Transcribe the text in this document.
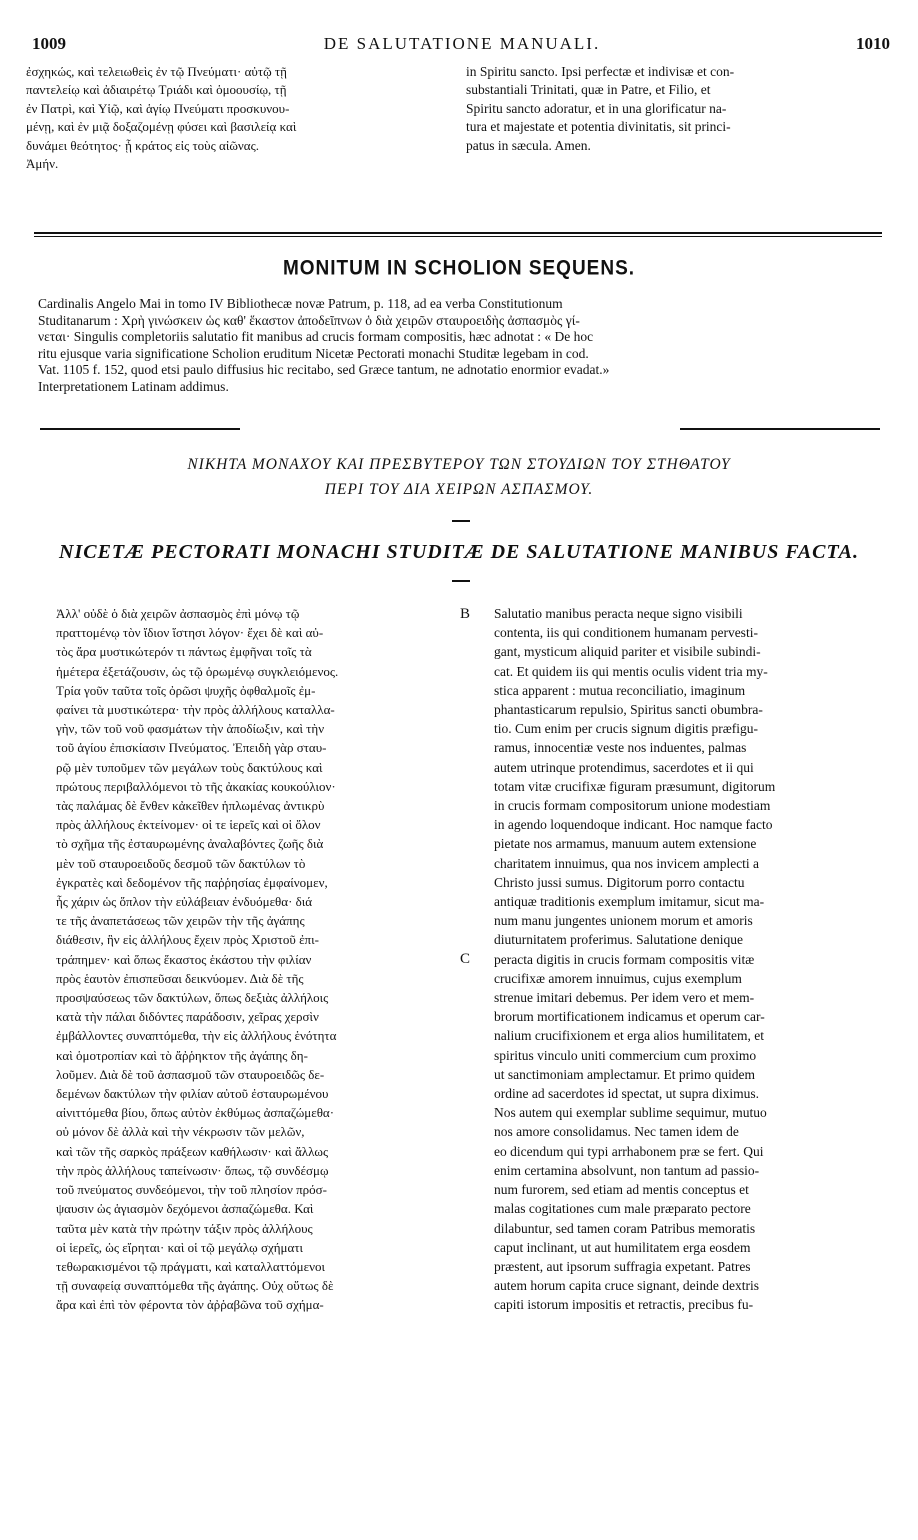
1009	DE SALUTATIONE MANUALI.	1010
ἐσχηκώς, καὶ τελειωθεὶς ἐν τῷ Πνεύματι· αὐτῷ τῇ
παντελείῳ καὶ ἀδιαιρέτῳ Τριάδι καὶ ὁμοουσίῳ, τῇ
ἐν Πατρὶ, καὶ Υἱῷ, καὶ ἁγίῳ Πνεύματι προσκυνου-
μένῃ, καὶ ἐν μιᾷ δοξαζομένῃ φύσει καὶ βασιλείᾳ καὶ
δυνάμει θεότητος· ᾗ κράτος εἰς τοὺς αἰῶνας.
Ἀμήν.
in Spiritu sancto. Ipsi perfectæ et indivisæ et con-
substantiali Trinitati, quæ in Patre, et Filio, et
Spiritu sancto adoratur, et in una glorificatur na-
tura et majestate et potentia divinitatis, sit princi-
patus in sæcula. Amen.
MONITUM IN SCHOLION SEQUENS.
Cardinalis Angelo Mai in tomo IV Bibliothecæ novæ Patrum, p. 118, ad ea verba Constitutionum
Studitanarum : Χρὴ γινώσκειν ὡς καθ' ἕκαστον ἀποδεῖπνων ὁ διὰ χειρῶν σταυροειδὴς ἀσπασμὸς γί-
νεται· Singulis completoriis salutatio fit manibus ad crucis formam compositis, hæc adnotat : « De hoc
ritu ejusque varia significatione Scholion eruditum Nicetæ Pectorati monachi Studitæ legebam in cod.
Vat. 1105 f. 152, quod etsi paulo diffusius hic recitabo, sed Græce tantum, ne adnotatio enormior evadat.»
Interpretationem Latinam addimus.
ΝΙΚΗΤΑ ΜΟΝΑΧΟΥ ΚΑΙ ΠΡΕΣΒΥΤΕΡΟΥ ΤΩΝ ΣΤΟΥΔΙΩΝ ΤΟΥ ΣΤΗΘΑΤΟΥ
ΠΕΡΙ ΤΟΥ ΔΙΑ ΧΕΙΡΩΝ ΑΣΠΑΣΜΟΥ.
NICETÆ PECTORATI MONACHI STUDITÆ DE SALUTATIONE MANIBUS FACTA.
Ἀλλ' οὐδὲ ὁ διὰ χειρῶν ἀσπασμὸς ἐπὶ μόνῳ τῷ
πραττομένῳ τὸν ἴδιον ἵστησι λόγον· ἔχει δὲ καὶ αὐ-
τὸς ἄρα μυστικώτερόν τι πάντως ἐμφῆναι τοῖς τὰ
ἡμέτερα ἐξετάζουσιν, ὡς τῷ ὁρωμένῳ συγκλειόμενος.
Τρία γοῦν ταῦτα τοῖς ὀρῶσι ψυχῆς ὀφθαλμοῖς ἐμ-
φαίνει τὰ μυστικώτερα· τὴν πρὸς ἀλλήλους καταλλα-
γὴν, τῶν τοῦ νοῦ φασμάτων τὴν ἀποδίωξιν, καὶ τὴν
τοῦ ἁγίου ἐπισκίασιν Πνεύματος. Ἐπειδὴ γὰρ σταυ-
ρῷ μὲν τυποῦμεν τῶν μεγάλων τοὺς δακτύλους καὶ
πρώτους περιβαλλόμενοι τὸ τῆς ἀκακίας κουκούλιον·
τὰς παλάμας δὲ ἔνθεν κἀκεῖθεν ἡπλωμένας ἀντικρὺ
πρὸς ἀλλήλους ἐκτείνομεν· οἱ τε ἱερεῖς καὶ οἱ ὅλον
τὸ σχῆμα τῆς ἐσταυρωμένης ἀναλαβόντες ζωῆς διὰ
μὲν τοῦ σταυροειδοῦς δεσμοῦ τῶν δακτύλων τὸ
ἐγκρατὲς καὶ δεδομένον τῆς παῤῥησίας ἐμφαίνομεν,
ἧς χάριν ὡς ὅπλον τὴν εὐλάβειαν ἐνδυόμεθα· διά
τε τῆς ἀναπετάσεως τῶν χειρῶν τὴν τῆς ἀγάπης
διάθεσιν, ἣν εἰς ἀλλήλους ἔχειν πρὸς Χριστοῦ ἐπι-
τράπημεν· καὶ ὅπως ἕκαστος ἑκάστου τὴν φιλίαν
πρὸς ἑαυτὸν ἐπισπεῦσαι δεικνύομεν. Διὰ δὲ τῆς
προσψαύσεως τῶν δακτύλων, ὅπως δεξιὰς ἀλλήλοις
κατὰ τὴν πάλαι διδόντες παράδοσιν, χεῖρας χερσὶν
ἐμβάλλοντες συναπτόμεθα, τὴν εἰς ἀλλήλους ἑνότητα
καὶ ὁμοτροπίαν καὶ τὸ ἄῤῥηκτον τῆς ἀγάπης δη-
λοῦμεν. Διὰ δὲ τοῦ ἀσπασμοῦ τῶν σταυροειδῶς δε-
δεμένων δακτύλων τὴν φιλίαν αὐτοῦ ἐσταυρωμένου
αἰνιττόμεθα βίου, ὅπως αὐτὸν ἐκθύμως ἀσπαζώμεθα·
οὐ μόνον δὲ ἀλλὰ καὶ τὴν νέκρωσιν τῶν μελῶν,
καὶ τῶν τῆς σαρκὸς πράξεων καθήλωσιν· καὶ ἄλλως
τὴν πρὸς ἀλλήλους ταπείνωσιν· ὅπως, τῷ συνδέσμῳ
τοῦ πνεύματος συνδεόμενοι, τὴν τοῦ πλησίον πρόσ-
ψαυσιν ὡς ἁγιασμὸν δεχόμενοι ἀσπαζώμεθα. Καὶ
ταῦτα μὲν κατὰ τὴν πρώτην τάξιν πρὸς ἀλλήλους
οἱ ἱερεῖς, ὡς εἴρηται· καὶ οἱ τῷ μεγάλῳ σχήματι
τεθωρακισμένοι τῷ πράγματι, καὶ καταλλαττόμενοι
τῇ συναφείᾳ συναπτόμεθα τῆς ἀγάπης. Οὐχ οὕτως δὲ
ἄρα καὶ ἐπὶ τὸν φέροντα τὸν ἀῤῥαβῶνα τοῦ σχήμα-
B
C
Salutatio manibus peracta neque signo visibili
contenta, iis qui conditionem humanam pervesti-
gant, mysticum aliquid pariter et visibile subindi-
cat. Et quidem iis qui mentis oculis vident tria my-
stica apparent : mutua reconciliatio, imaginum
phantasticarum repulsio, Spiritus sancti obumbra-
tio. Cum enim per crucis signum digitis præfigu-
ramus, innocentiæ veste nos induentes, palmas
autem utrinque protendimus, sacerdotes et ii qui
totam vitæ crucifixæ figuram præsumunt, digitorum
in crucis formam compositorum unione modestiam
in agendo loquendoque indicant. Hoc namque facto
pietate nos armamus, manuum autem extensione
charitatem innuimus, qua nos invicem amplecti a
Christo jussi sumus. Digitorum porro contactu
antiquæ traditionis exemplum imitamur, sicut ma-
num manu jungentes unionem morum et amoris
diuturnitatem proferimus. Salutatione denique
peracta digitis in crucis formam compositis vitæ
crucifixæ amorem innuimus, cujus exemplum
strenue imitari debemus. Per idem vero et mem-
brorum mortificationem indicamus et operum car-
nalium crucifixionem et erga alios humilitatem, et
spiritus vinculo uniti commercium cum proximo
ut sanctimoniam amplectamur. Et primo quidem
ordine ad sacerdotes id spectat, ut supra diximus.
Nos autem qui exemplar sublime sequimur, mutuo
nos amore consolidamus. Nec tamen idem de
eo dicendum qui typi arrhabonem præ se fert. Qui
enim certamina absolvunt, non tantum ad passio-
num furorem, sed etiam ad mentis conceptus et
malas cogitationes cum male præparato pectore
dilabuntur, sed tamen coram Patribus memoratis
caput inclinant, ut aut humilitatem erga eosdem
præstent, aut ipsorum suffragia expetant. Patres
autem horum capita cruce signant, deinde dextris
capiti istorum impositis et retractis, precibus fu-
